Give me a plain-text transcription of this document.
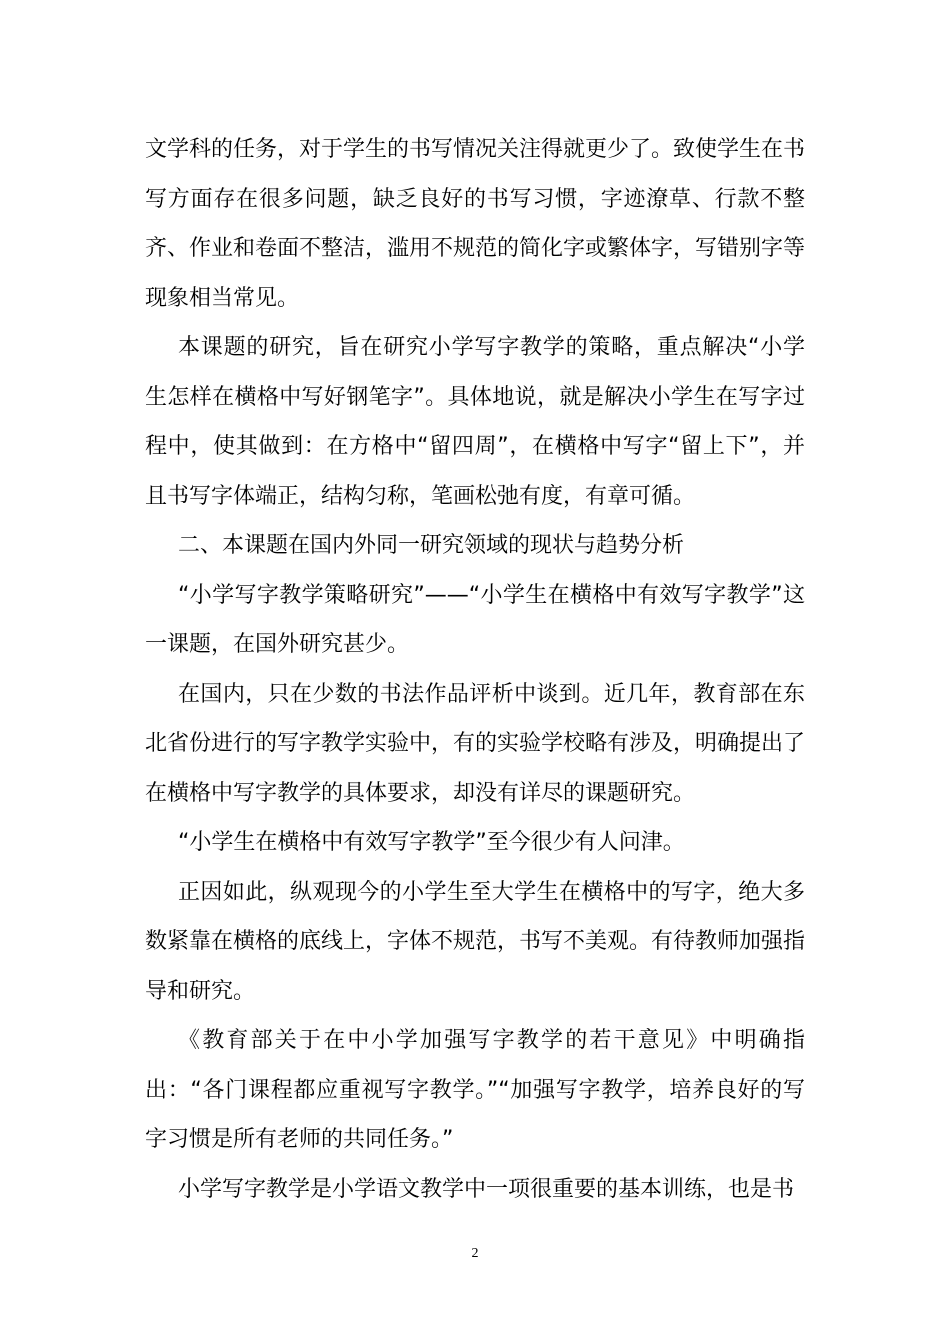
文学科的任务，对于学生的书写情况关注得就更少了。致使学生在书写方面存在很多问题，缺乏良好的书写习惯，字迹潦草、行款不整齐、作业和卷面不整洁，滥用不规范的简化字或繁体字，写错别字等现象相当常见。

本课题的研究，旨在研究小学写字教学的策略，重点解决“小学生怎样在横格中写好钢笔字”。具体地说，就是解决小学生在写字过程中，使其做到：在方格中“留四周”，在横格中写字“留上下”，并且书写字体端正，结构匀称，笔画松弛有度，有章可循。

二、本课题在国内外同一研究领域的现状与趋势分析

“小学写字教学策略研究”——“小学生在横格中有效写字教学”这一课题，在国外研究甚少。

在国内，只在少数的书法作品评析中谈到。近几年，教育部在东北省份进行的写字教学实验中，有的实验学校略有涉及，明确提出了在横格中写字教学的具体要求，却没有详尽的课题研究。

“小学生在横格中有效写字教学”至今很少有人问津。

正因如此，纵观现今的小学生至大学生在横格中的写字，绝大多数紧靠在横格的底线上，字体不规范，书写不美观。有待教师加强指导和研究。

《教育部关于在中小学加强写字教学的若干意见》中明确指出：“各门课程都应重视写字教学。”“加强写字教学，培养良好的写字习惯是所有老师的共同任务。”

小学写字教学是小学语文教学中一项很重要的基本训练，也是书

2
